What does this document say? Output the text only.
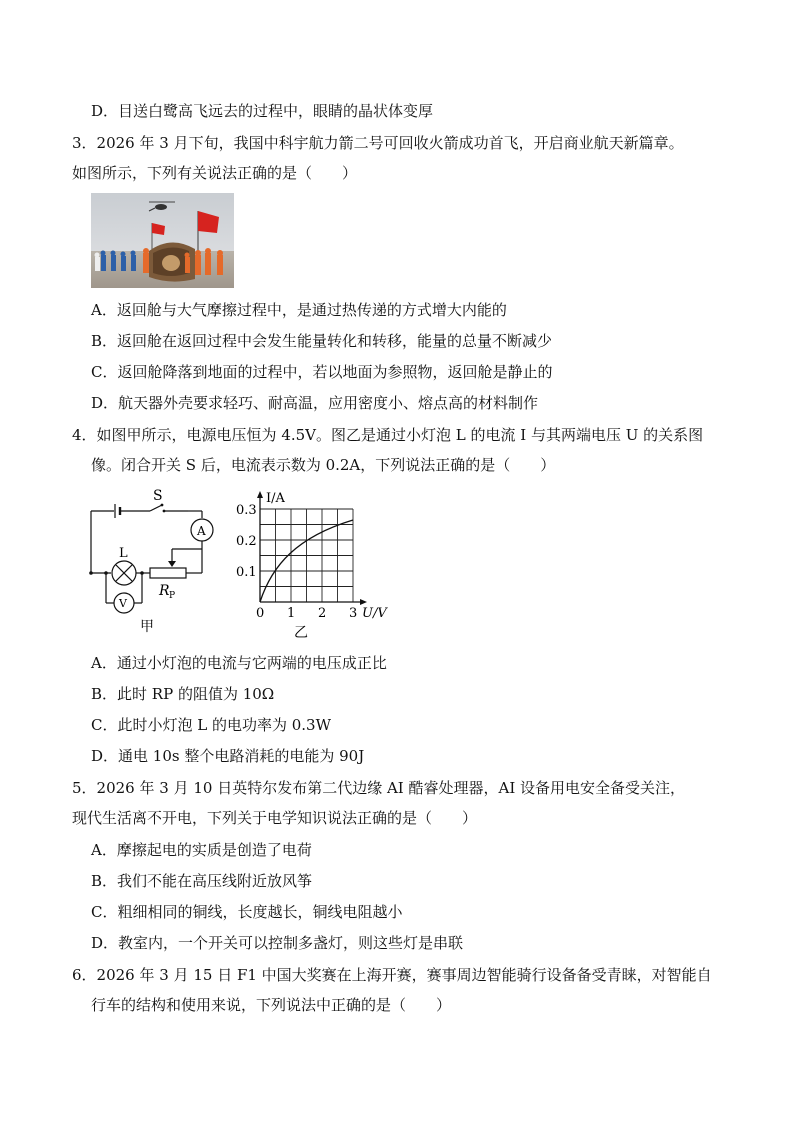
D．目送白鹭高飞远去的过程中，眼睛的晶状体变厚
3．2026 年 3 月下旬，我国中科宇航力箭二号可回收火箭成功首飞，开启商业航天新篇章。
如图所示，下列有关说法正确的是（　　）
A．返回舱与大气摩擦过程中，是通过热传递的方式增大内能的
B．返回舱在返回过程中会发生能量转化和转移，能量的总量不断减少
C．返回舱降落到地面的过程中，若以地面为参照物，返回舱是静止的
D．航天器外壳要求轻巧、耐高温，应用密度小、熔点高的材料制作
4．如图甲所示，电源电压恒为 4.5V。图乙是通过小灯泡 L 的电流 I 与其两端电压 U 的关系图
像。闭合开关 S 后，电流表示数为 0.2A，下列说法正确的是（　　）
S
A
L
V
R P
甲
I/A
0.3
0.2
0.1
0 1 2 3 U/V
乙
A．通过小灯泡的电流与它两端的电压成正比
B．此时 RP 的阻值为 10Ω
C．此时小灯泡 L 的电功率为 0.3W
D．通电 10s 整个电路消耗的电能为 90J
5．2026 年 3 月 10 日英特尔发布第二代边缘 AI 酷睿处理器，AI 设备用电安全备受关注，
现代生活离不开电，下列关于电学知识说法正确的是（　　）
A．摩擦起电的实质是创造了电荷
B．我们不能在高压线附近放风筝
C．粗细相同的铜线，长度越长，铜线电阻越小
D．教室内，一个开关可以控制多盏灯，则这些灯是串联
6．2026 年 3 月 15 日 F1 中国大奖赛在上海开赛，赛事周边智能骑行设备备受青睐，对智能自
行车的结构和使用来说，下列说法中正确的是（　　）
